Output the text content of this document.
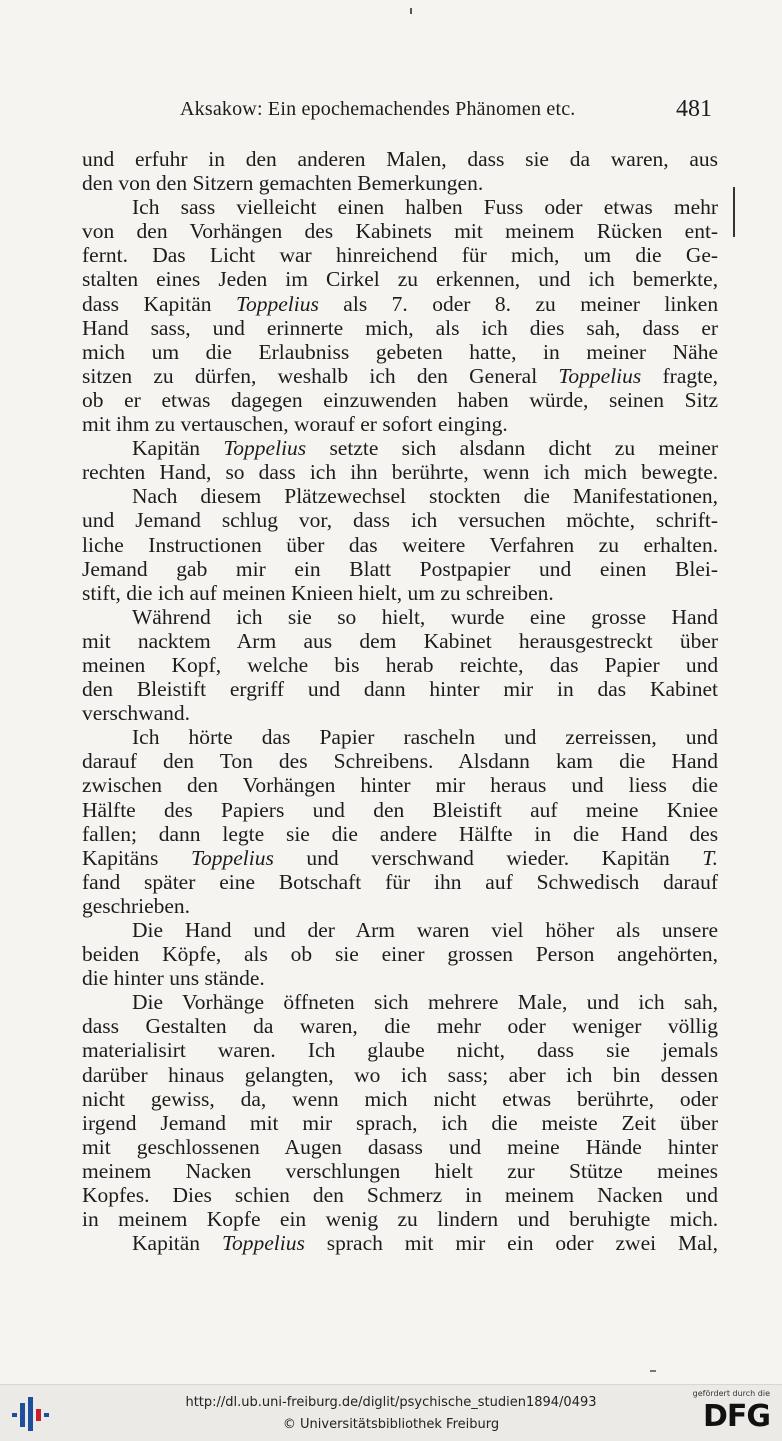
Aksakow: Ein epochemachendes Phänomen etc.	481
und erfuhr in den anderen Malen, dass sie da waren, aus
den von den Sitzern gemachten Bemerkungen.
Ich sass vielleicht einen halben Fuss oder etwas mehr
von den Vorhängen des Kabinets mit meinem Rücken ent-
fernt. Das Licht war hinreichend für mich, um die Ge-
stalten eines Jeden im Cirkel zu erkennen, und ich bemerkte,
dass Kapitän Toppelius als 7. oder 8. zu meiner linken
Hand sass, und erinnerte mich, als ich dies sah, dass er
mich um die Erlaubniss gebeten hatte, in meiner Nähe
sitzen zu dürfen, weshalb ich den General Toppelius fragte,
ob er etwas dagegen einzuwenden haben würde, seinen Sitz
mit ihm zu vertauschen, worauf er sofort einging.
Kapitän Toppelius setzte sich alsdann dicht zu meiner
rechten Hand, so dass ich ihn berührte, wenn ich mich bewegte.
Nach diesem Plätzewechsel stockten die Manifestationen,
und Jemand schlug vor, dass ich versuchen möchte, schrift-
liche Instructionen über das weitere Verfahren zu erhalten.
Jemand gab mir ein Blatt Postpapier und einen Blei-
stift, die ich auf meinen Knieen hielt, um zu schreiben.
Während ich sie so hielt, wurde eine grosse Hand
mit nacktem Arm aus dem Kabinet herausgestreckt über
meinen Kopf, welche bis herab reichte, das Papier und
den Bleistift ergriff und dann hinter mir in das Kabinet
verschwand.
Ich hörte das Papier rascheln und zerreissen, und
darauf den Ton des Schreibens. Alsdann kam die Hand
zwischen den Vorhängen hinter mir heraus und liess die
Hälfte des Papiers und den Bleistift auf meine Kniee
fallen; dann legte sie die andere Hälfte in die Hand des
Kapitäns Toppelius und verschwand wieder. Kapitän T.
fand später eine Botschaft für ihn auf Schwedisch darauf
geschrieben.
Die Hand und der Arm waren viel höher als unsere
beiden Köpfe, als ob sie einer grossen Person angehörten,
die hinter uns stände.
Die Vorhänge öffneten sich mehrere Male, und ich sah,
dass Gestalten da waren, die mehr oder weniger völlig
materialisirt waren. Ich glaube nicht, dass sie jemals
darüber hinaus gelangten, wo ich sass; aber ich bin dessen
nicht gewiss, da, wenn mich nicht etwas berührte, oder
irgend Jemand mit mir sprach, ich die meiste Zeit über
mit geschlossenen Augen dasass und meine Hände hinter
meinem Nacken verschlungen hielt zur Stütze meines
Kopfes. Dies schien den Schmerz in meinem Nacken und
in meinem Kopfe ein wenig zu lindern und beruhigte mich.
Kapitän Toppelius sprach mit mir ein oder zwei Mal,
http://dl.ub.uni-freiburg.de/diglit/psychische_studien1894/0493
© Universitätsbibliothek Freiburg
gefördert durch die
DFG
